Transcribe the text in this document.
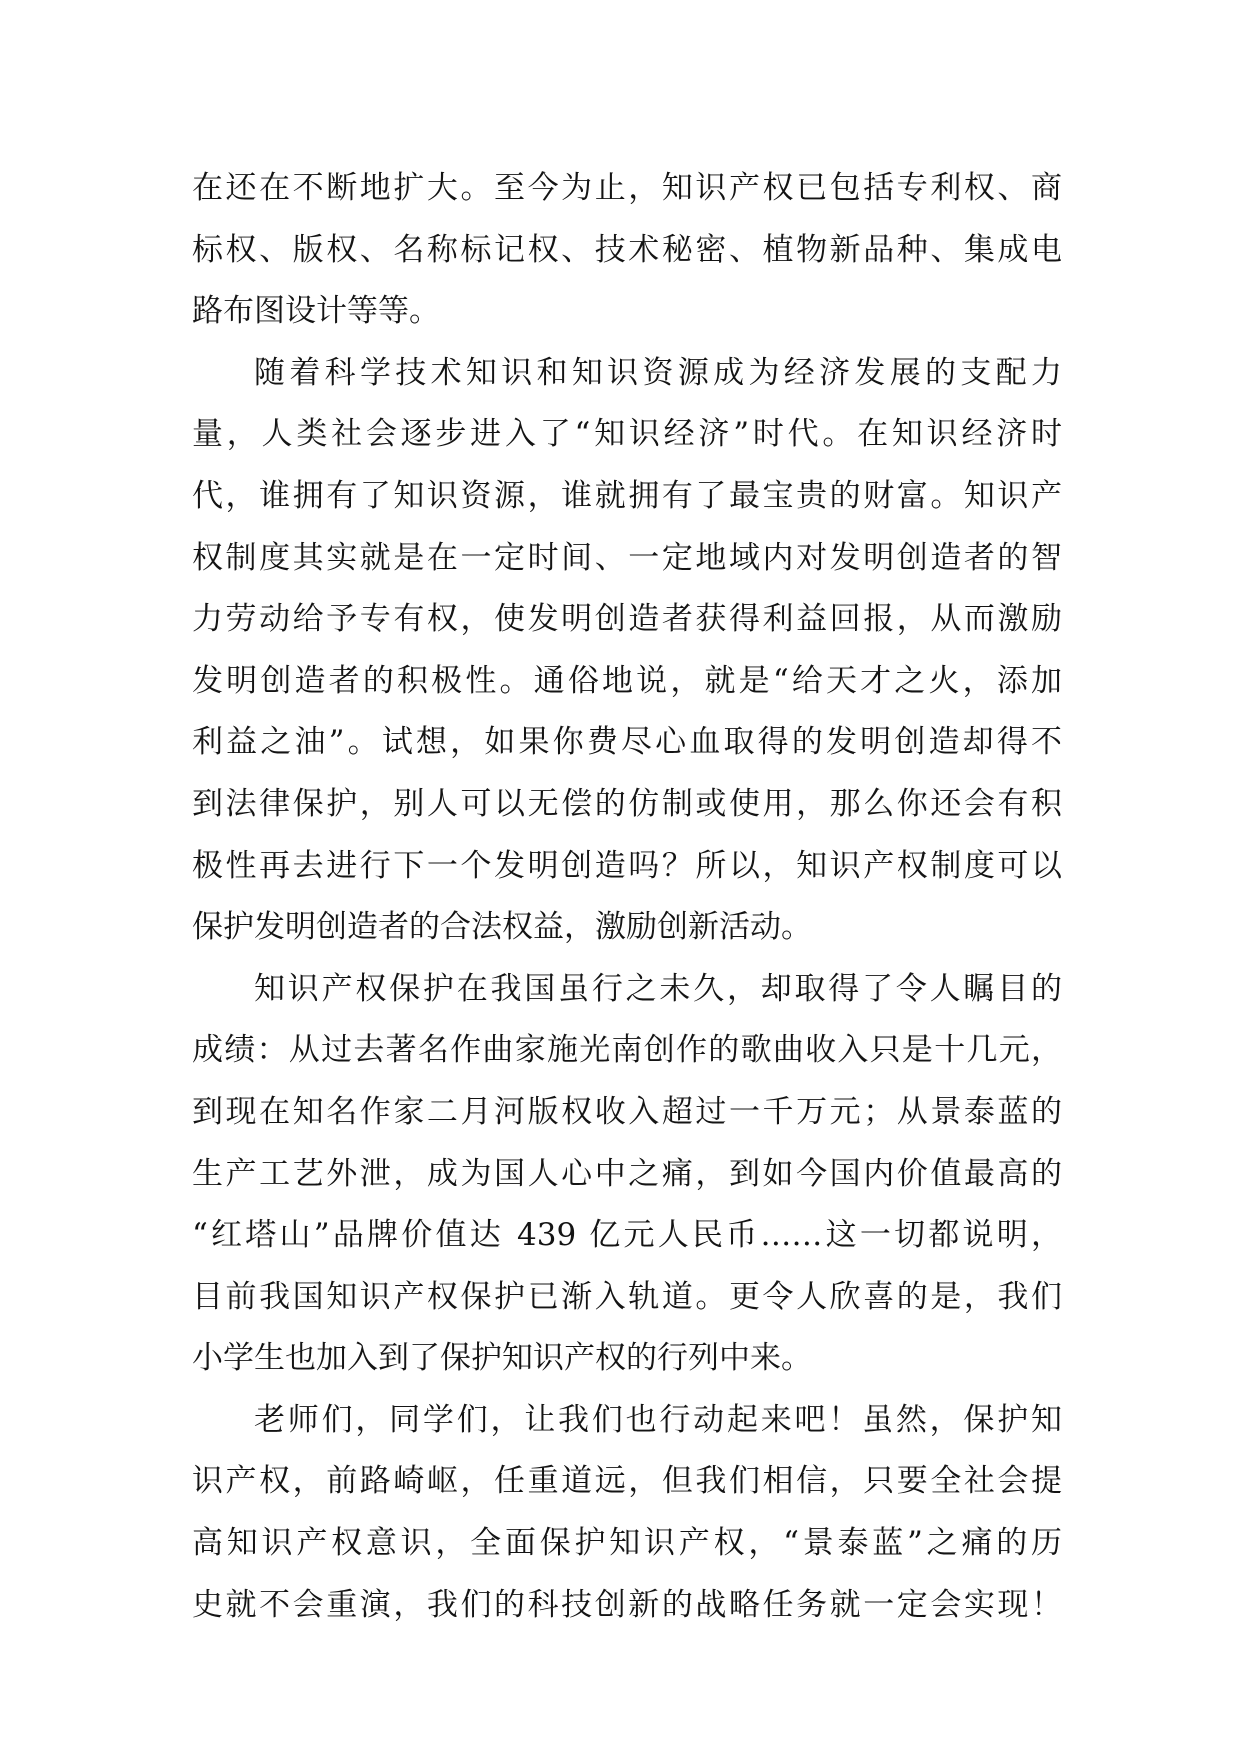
在还在不断地扩大。至今为止，知识产权已包括专利权、商
标权、版权、名称标记权、技术秘密、植物新品种、集成电
路布图设计等等。
随着科学技术知识和知识资源成为经济发展的支配力
量，人类社会逐步进入了“知识经济”时代。在知识经济时
代，谁拥有了知识资源，谁就拥有了最宝贵的财富。知识产
权制度其实就是在一定时间、一定地域内对发明创造者的智
力劳动给予专有权，使发明创造者获得利益回报，从而激励
发明创造者的积极性。通俗地说，就是“给天才之火，添加
利益之油”。试想，如果你费尽心血取得的发明创造却得不
到法律保护，别人可以无偿的仿制或使用，那么你还会有积
极性再去进行下一个发明创造吗？所以，知识产权制度可以
保护发明创造者的合法权益，激励创新活动。
知识产权保护在我国虽行之未久，却取得了令人瞩目的
成绩：从过去著名作曲家施光南创作的歌曲收入只是十几元，
到现在知名作家二月河版权收入超过一千万元；从景泰蓝的
生产工艺外泄，成为国人心中之痛，到如今国内价值最高的
“红塔山”品牌价值达 439 亿元人民币……这一切都说明，
目前我国知识产权保护已渐入轨道。更令人欣喜的是，我们
小学生也加入到了保护知识产权的行列中来。
老师们，同学们，让我们也行动起来吧！虽然，保护知
识产权，前路崎岖，任重道远，但我们相信，只要全社会提
高知识产权意识，全面保护知识产权，“景泰蓝”之痛的历
史就不会重演，我们的科技创新的战略任务就一定会实现！
